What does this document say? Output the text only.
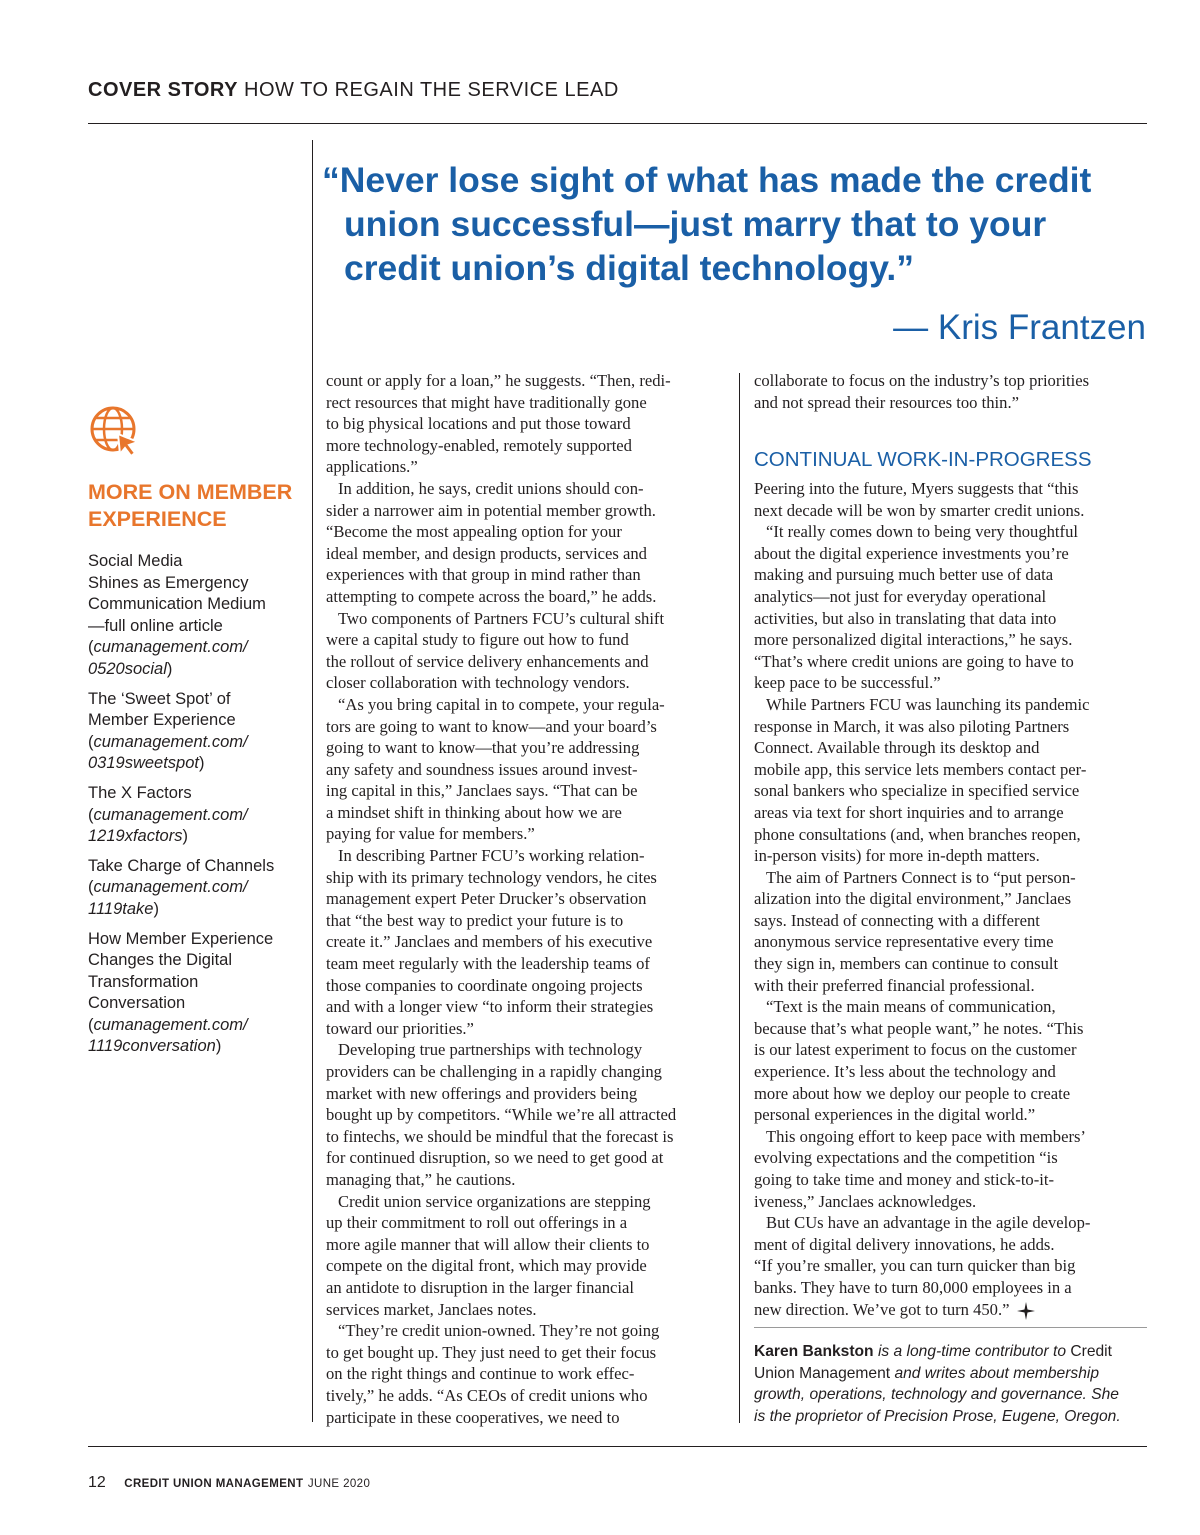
COVER STORY HOW TO REGAIN THE SERVICE LEAD
“Never lose sight of what has made the credit
union successful—just marry that to your
credit union’s digital technology.”
— Kris Frantzen
MORE ON MEMBER
EXPERIENCE
Social Media
Shines as Emergency
Communication Medium
—full online article
(cumanagement.com/
0520social)
The ‘Sweet Spot’ of
Member Experience
(cumanagement.com/
0319sweetspot)
The X Factors
(cumanagement.com/
1219xfactors)
Take Charge of Channels
(cumanagement.com/
1119take)
How Member Experience
Changes the Digital
Transformation
Conversation
(cumanagement.com/
1119conversation)
count or apply for a loan,” he suggests. “Then, redi-
rect resources that might have traditionally gone
to big physical locations and put those toward
more technology-enabled, remotely supported
applications.”
In addition, he says, credit unions should con-
sider a narrower aim in potential member growth.
“Become the most appealing option for your
ideal member, and design products, services and
experiences with that group in mind rather than
attempting to compete across the board,” he adds.
Two components of Partners FCU’s cultural shift
were a capital study to figure out how to fund
the rollout of service delivery enhancements and
closer collaboration with technology vendors.
“As you bring capital in to compete, your regula-
tors are going to want to know—and your board’s
going to want to know—that you’re addressing
any safety and soundness issues around invest-
ing capital in this,” Janclaes says. “That can be
a mindset shift in thinking about how we are
paying for value for members.”
In describing Partner FCU’s working relation-
ship with its primary technology vendors, he cites
management expert Peter Drucker’s observation
that “the best way to predict your future is to
create it.” Janclaes and members of his executive
team meet regularly with the leadership teams of
those companies to coordinate ongoing projects
and with a longer view “to inform their strategies
toward our priorities.”
Developing true partnerships with technology
providers can be challenging in a rapidly changing
market with new offerings and providers being
bought up by competitors. “While we’re all attracted
to fintechs, we should be mindful that the forecast is
for continued disruption, so we need to get good at
managing that,” he cautions.
Credit union service organizations are stepping
up their commitment to roll out offerings in a
more agile manner that will allow their clients to
compete on the digital front, which may provide
an antidote to disruption in the larger financial
services market, Janclaes notes.
“They’re credit union-owned. They’re not going
to get bought up. They just need to get their focus
on the right things and continue to work effec-
tively,” he adds. “As CEOs of credit unions who
participate in these cooperatives, we need to
collaborate to focus on the industry’s top priorities
and not spread their resources too thin.”
CONTINUAL WORK-IN-PROGRESS
Peering into the future, Myers suggests that “this
next decade will be won by smarter credit unions.
“It really comes down to being very thoughtful
about the digital experience investments you’re
making and pursuing much better use of data
analytics—not just for everyday operational
activities, but also in translating that data into
more personalized digital interactions,” he says.
“That’s where credit unions are going to have to
keep pace to be successful.”
While Partners FCU was launching its pandemic
response in March, it was also piloting Partners
Connect. Available through its desktop and
mobile app, this service lets members contact per-
sonal bankers who specialize in specified service
areas via text for short inquiries and to arrange
phone consultations (and, when branches reopen,
in-person visits) for more in-depth matters.
The aim of Partners Connect is to “put person-
alization into the digital environment,” Janclaes
says. Instead of connecting with a different
anonymous service representative every time
they sign in, members can continue to consult
with their preferred financial professional.
“Text is the main means of communication,
because that’s what people want,” he notes. “This
is our latest experiment to focus on the customer
experience. It’s less about the technology and
more about how we deploy our people to create
personal experiences in the digital world.”
This ongoing effort to keep pace with members’
evolving expectations and the competition “is
going to take time and money and stick-to-it-
iveness,” Janclaes acknowledges.
But CUs have an advantage in the agile develop-
ment of digital delivery innovations, he adds.
“If you’re smaller, you can turn quicker than big
banks. They have to turn 80,000 employees in a
new direction. We’ve got to turn 450.”
Karen Bankston is a long-time contributor to Credit
Union Management and writes about membership
growth, operations, technology and governance. She
is the proprietor of Precision Prose, Eugene, Oregon.
12 CREDIT UNION MANAGEMENT JUNE 2020
